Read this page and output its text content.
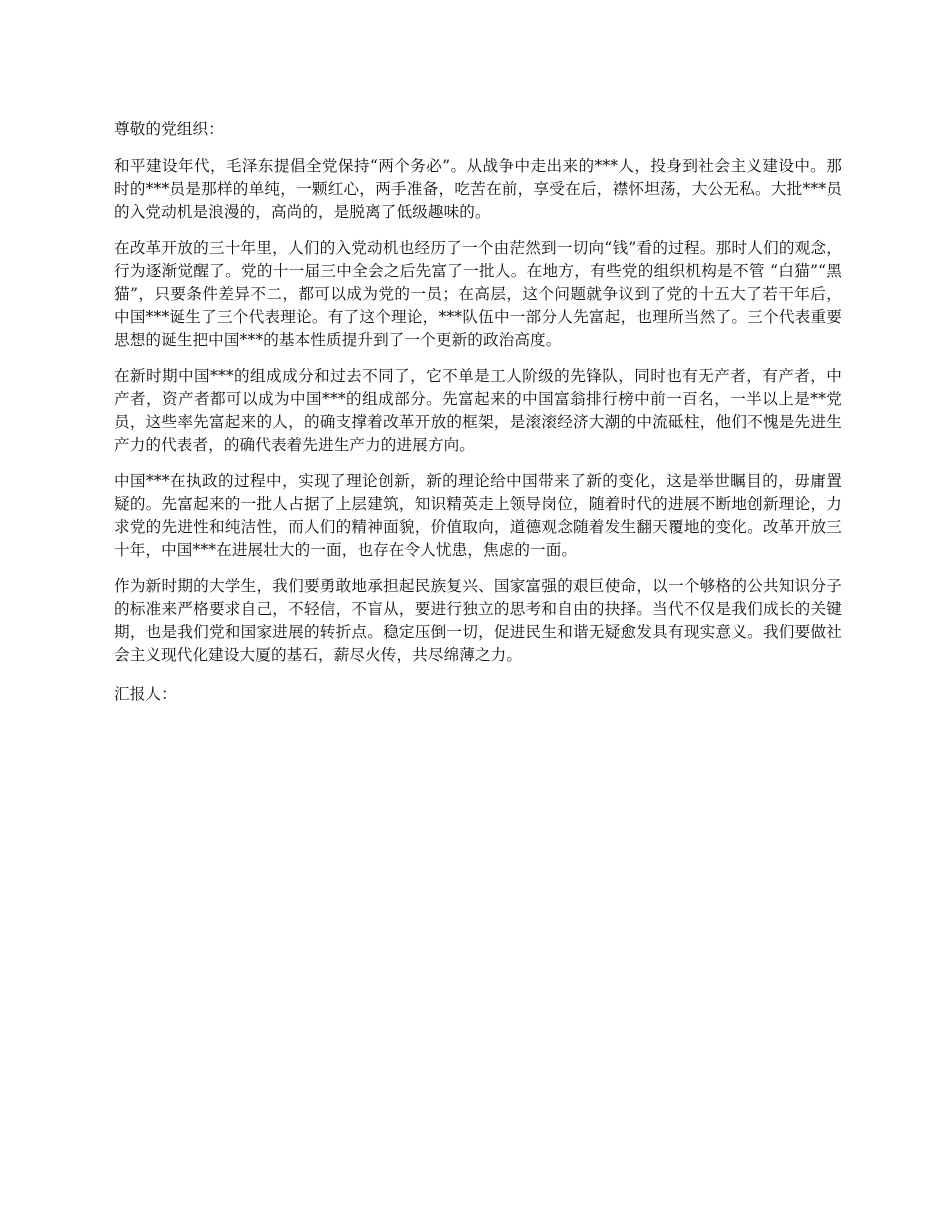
尊敬的党组织：

和平建设年代，毛泽东提倡全党保持“两个务必”。从战争中走出来的***人，投身到社会主义建设中。那时的***员是那样的单纯，一颗红心，两手准备，吃苦在前，享受在后，襟怀坦荡，大公无私。大批***员的入党动机是浪漫的，高尚的，是脱离了低级趣味的。

在改革开放的三十年里，人们的入党动机也经历了一个由茫然到一切向“钱”看的过程。那时人们的观念，行为逐渐觉醒了。党的十一届三中全会之后先富了一批人。在地方，有些党的组织机构是不管 “白猫”“黑猫”，只要条件差异不二，都可以成为党的一员；在高层，这个问题就争议到了党的十五大了若干年后，中国***诞生了三个代表理论。有了这个理论，***队伍中一部分人先富起，也理所当然了。三个代表重要思想的诞生把中国***的基本性质提升到了一个更新的政治高度。

在新时期中国***的组成成分和过去不同了，它不单是工人阶级的先锋队，同时也有无产者，有产者，中产者，资产者都可以成为中国***的组成部分。先富起来的中国富翁排行榜中前一百名，一半以上是**党员，这些率先富起来的人，的确支撑着改革开放的框架，是滚滚经济大潮的中流砥柱，他们不愧是先进生产力的代表者，的确代表着先进生产力的进展方向。

中国***在执政的过程中，实现了理论创新，新的理论给中国带来了新的变化，这是举世瞩目的，毋庸置疑的。先富起来的一批人占据了上层建筑，知识精英走上领导岗位，随着时代的进展不断地创新理论，力求党的先进性和纯洁性，而人们的精神面貌，价值取向，道德观念随着发生翻天覆地的变化。改革开放三十年，中国***在进展壮大的一面，也存在令人忧患，焦虑的一面。

作为新时期的大学生，我们要勇敢地承担起民族复兴、国家富强的艰巨使命，以一个够格的公共知识分子的标准来严格要求自己，不轻信，不盲从，要进行独立的思考和自由的抉择。当代不仅是我们成长的关键期，也是我们党和国家进展的转折点。稳定压倒一切，促进民生和谐无疑愈发具有现实意义。我们要做社会主义现代化建设大厦的基石，薪尽火传，共尽绵薄之力。

汇报人：
